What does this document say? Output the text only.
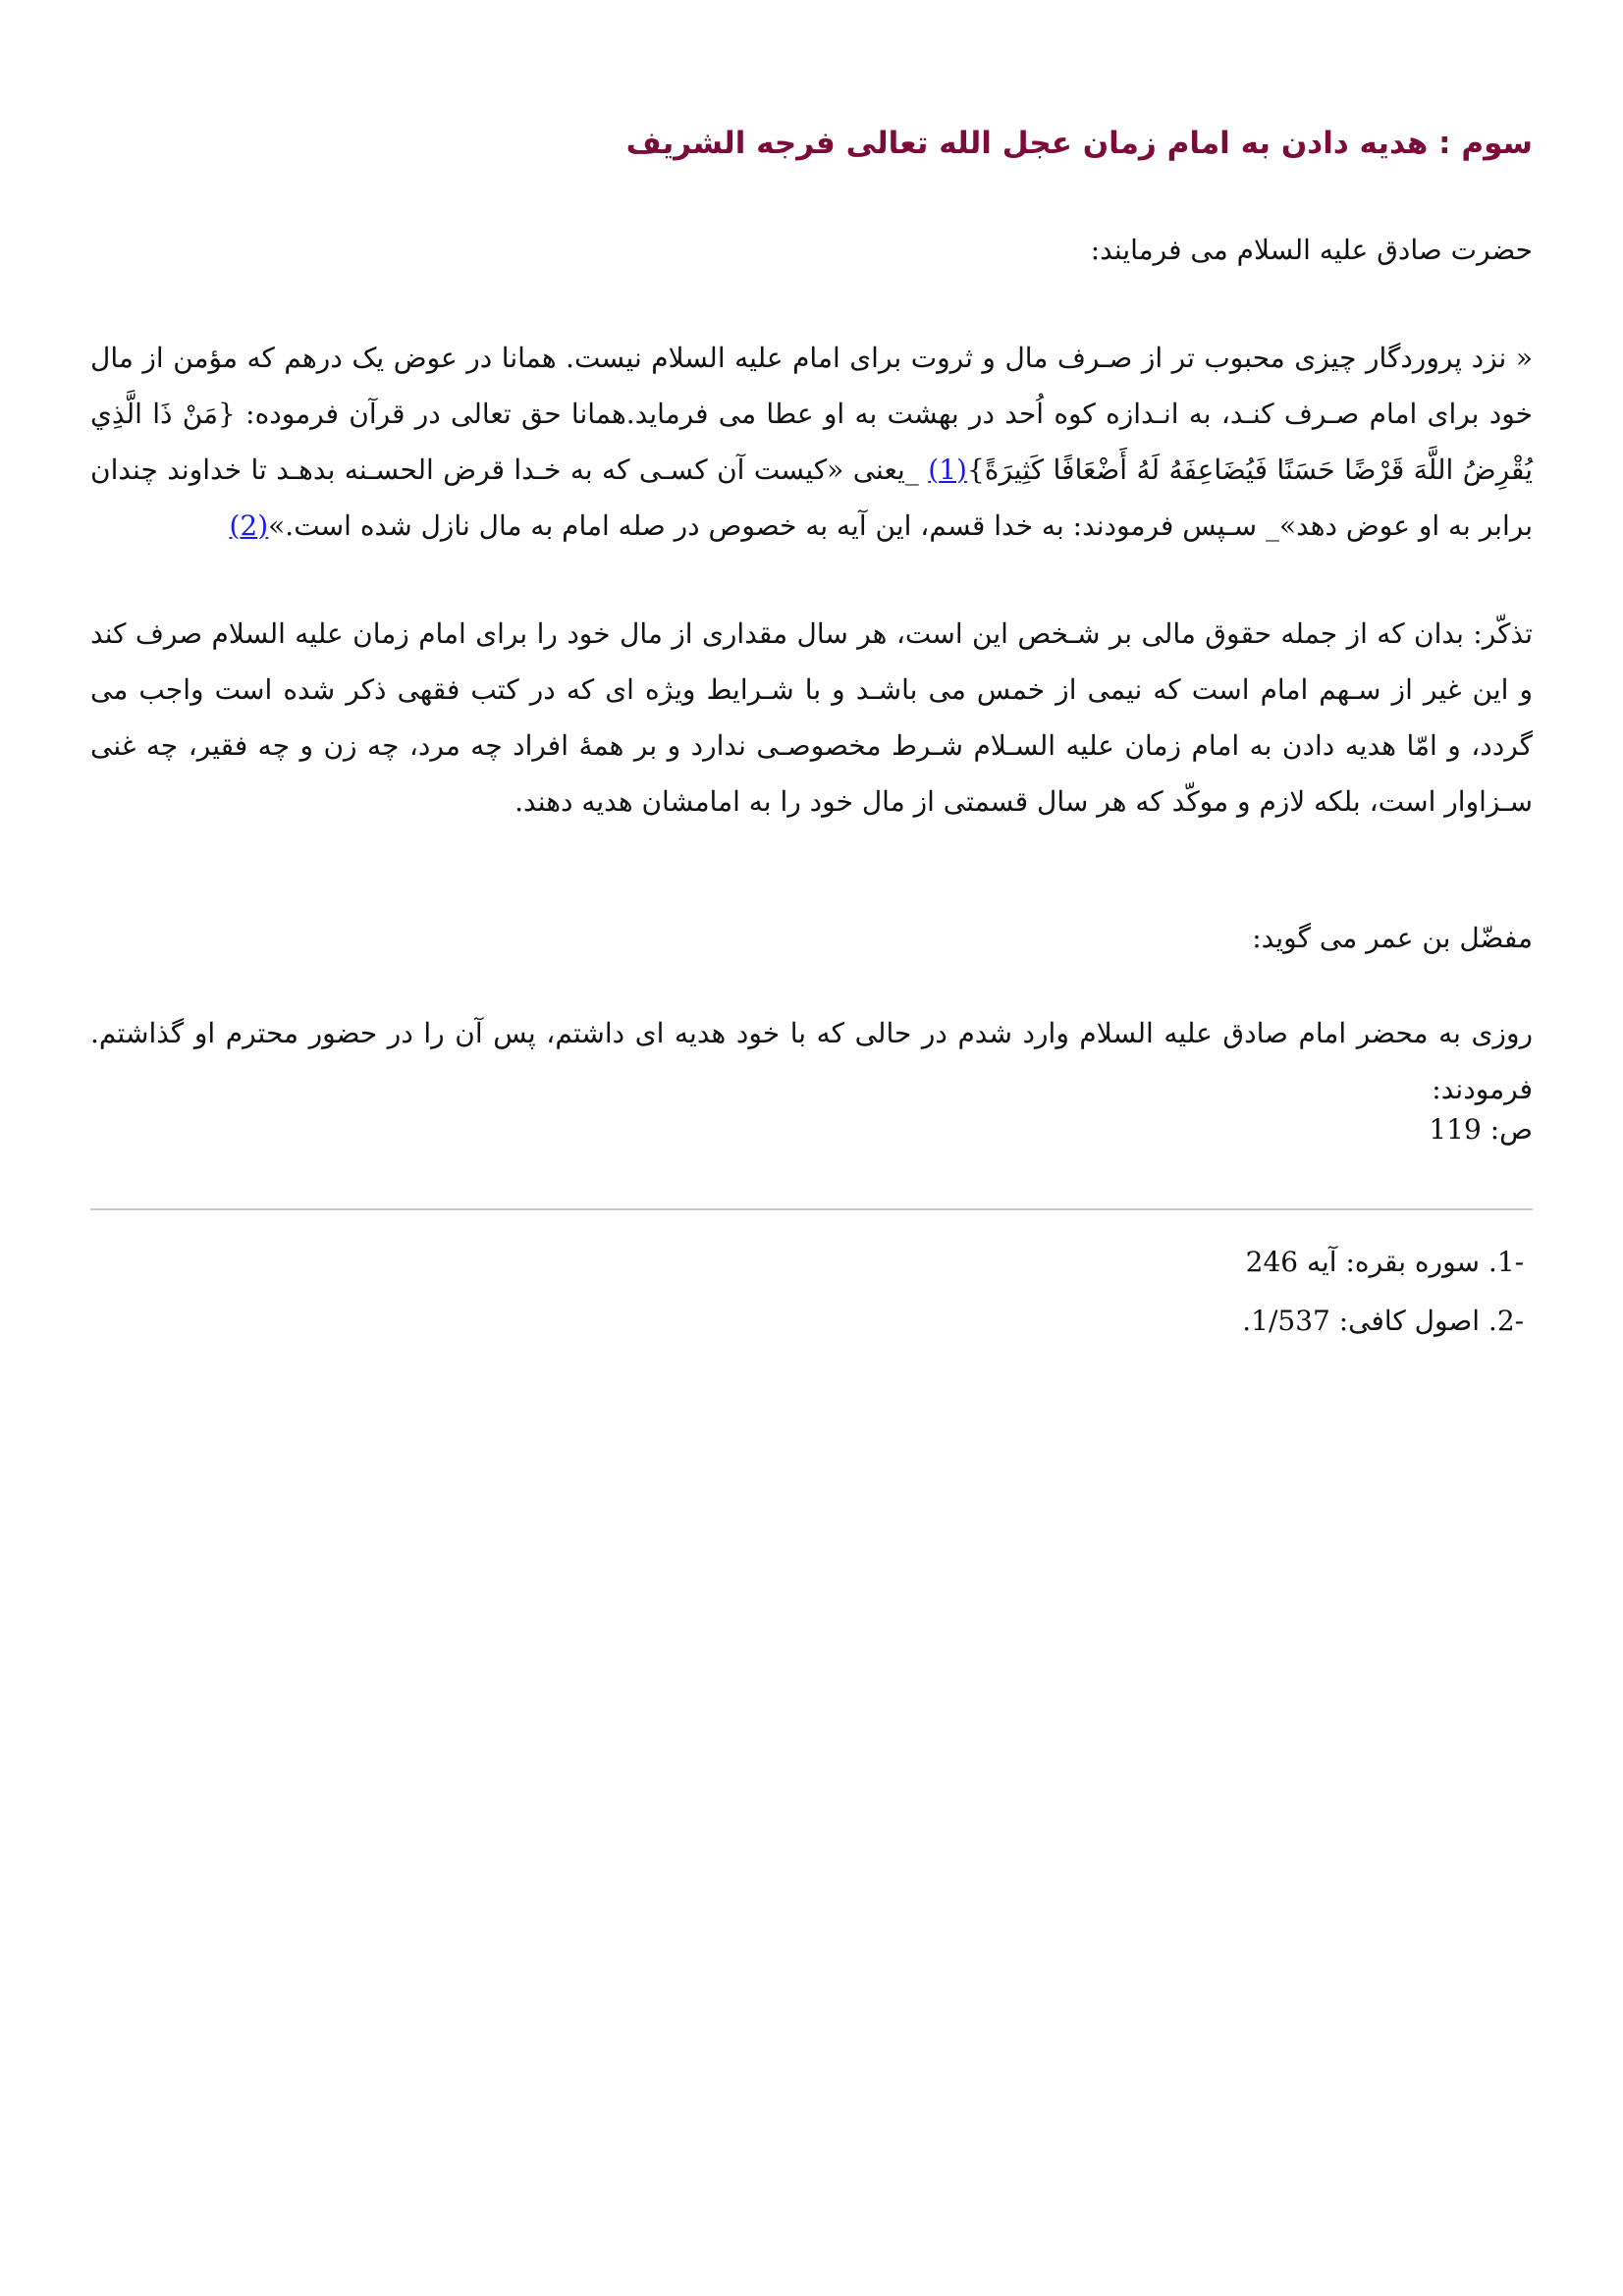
سوم : هدیه دادن به امام زمان عجل الله تعالی فرجه الشریف

حضرت صادق علیه السلام می فرمایند:

« نزد پروردگار چیزی محبوب تر از صـرف مال و ثروت برای امام علیه السلام نیست. همانا در عوض یک درهم که مؤمن از مال خود برای امام صـرف کنـد، به انـدازه کوه اُحد در بهشت به او عطا می فرماید.همانا حق تعالی در قرآن فرموده: {مَنْ ذَا الَّذِي يُقْرِضُ اللَّهَ قَرْضًا حَسَنًا فَيُضَاعِفَهُ لَهُ أَضْعَافًا كَثِيرَةً}(1) _یعنی «کیست آن کسـی که به خـدا قرض الحسـنه بدهـد تا خداوند چندان برابر به او عوض دهد»_ سـپس فرمودند: به خدا قسم، این آیه به خصوص در صله امام به مال نازل شده است.»(2)

تذکّر: بدان که از جمله حقوق مالی بر شـخص این است، هر سال مقداری از مال خود را برای امام زمان علیه السلام صرف کند و این غیر از سـهم امام است که نیمی از خمس می باشـد و با شـرایط ویژه ای که در کتب فقهی ذکر شده است واجب می گردد، و امّا هدیه دادن به امام زمان علیه السـلام شـرط مخصوصـی ندارد و بر همهٔ افراد چه مرد، چه زن و چه فقیر، چه غنی سـزاوار است، بلکه لازم و موکّد که هر سال قسمتی از مال خود را به امامشان هدیه دهند.

مفضّل بن عمر می گوید:

روزی به محضر امام صادق علیه السلام وارد شدم در حالی که با خود هدیه ای داشتم، پس آن را در حضور محترم او گذاشتم. فرمودند:

ص: 119

1- . سوره بقره: آیه 246
2- . اصول کافی: 1/537.
